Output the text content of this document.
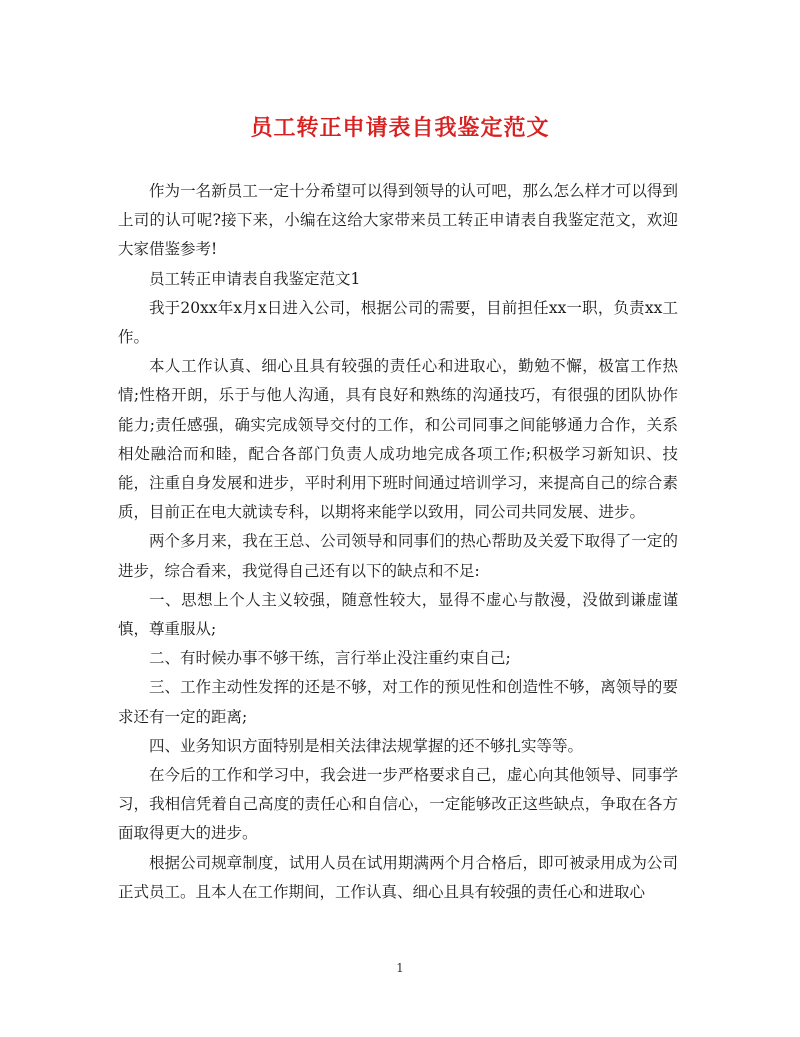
员工转正申请表自我鉴定范文

作为一名新员工一定十分希望可以得到领导的认可吧，那么怎么样才可以得到上司的认可呢?接下来，小编在这给大家带来员工转正申请表自我鉴定范文，欢迎大家借鉴参考!

员工转正申请表自我鉴定范文1

我于20xx年x月x日进入公司，根据公司的需要，目前担任xx一职，负责xx工作。

本人工作认真、细心且具有较强的责任心和进取心，勤勉不懈，极富工作热情;性格开朗，乐于与他人沟通，具有良好和熟练的沟通技巧，有很强的团队协作能力;责任感强，确实完成领导交付的工作，和公司同事之间能够通力合作，关系相处融洽而和睦，配合各部门负责人成功地完成各项工作;积极学习新知识、技能，注重自身发展和进步，平时利用下班时间通过培训学习，来提高自己的综合素质，目前正在电大就读专科，以期将来能学以致用，同公司共同发展、进步。

两个多月来，我在王总、公司领导和同事们的热心帮助及关爱下取得了一定的进步，综合看来，我觉得自己还有以下的缺点和不足:

一、思想上个人主义较强，随意性较大，显得不虚心与散漫，没做到谦虚谨慎，尊重服从;

二、有时候办事不够干练，言行举止没注重约束自己;

三、工作主动性发挥的还是不够，对工作的预见性和创造性不够，离领导的要求还有一定的距离;

四、业务知识方面特别是相关法律法规掌握的还不够扎实等等。

在今后的工作和学习中，我会进一步严格要求自己，虚心向其他领导、同事学习，我相信凭着自己高度的责任心和自信心，一定能够改正这些缺点，争取在各方面取得更大的进步。

根据公司规章制度，试用人员在试用期满两个月合格后，即可被录用成为公司正式员工。且本人在工作期间，工作认真、细心且具有较强的责任心和进取心

1
